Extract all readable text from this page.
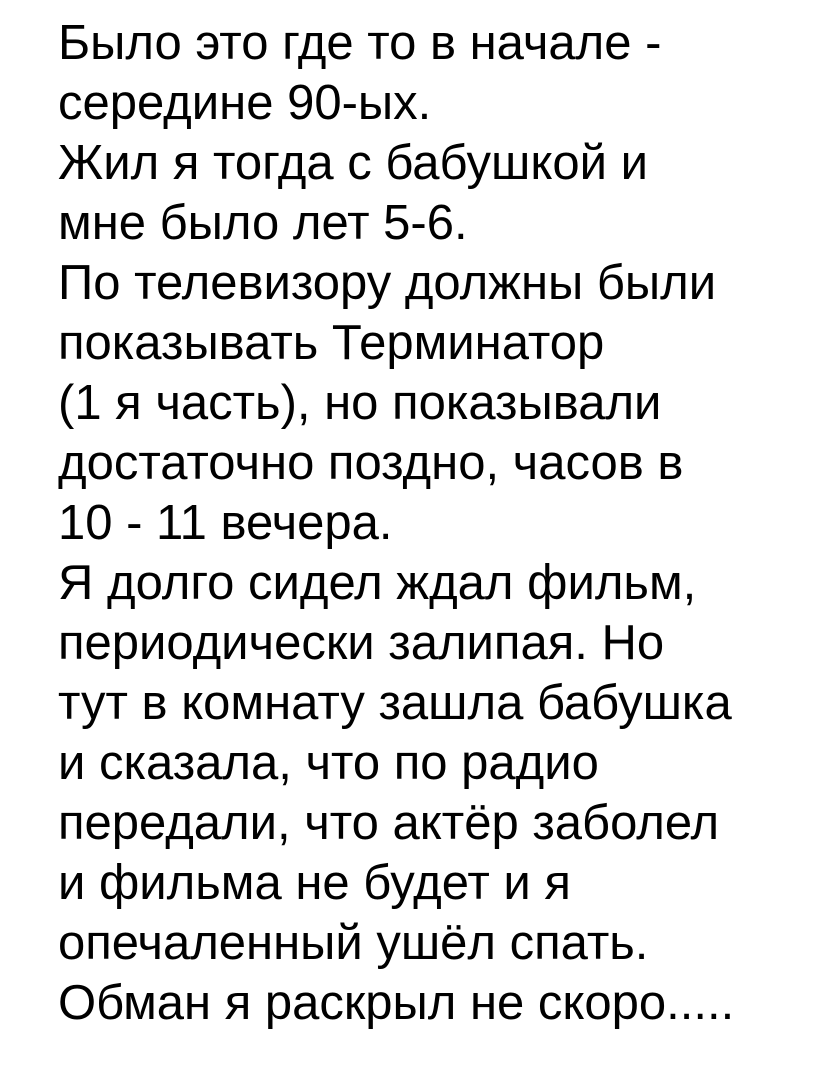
Было это где то в начале -
середине 90-ых.
Жил я тогда с бабушкой и
мне было лет 5-6.
По телевизору должны были
показывать Терминатор
(1 я часть), но показывали
достаточно поздно, часов в
10 - 11 вечера.
Я долго сидел ждал фильм,
периодически залипая. Но
тут в комнату зашла бабушка
и сказала, что по радио
передали, что актёр заболел
и фильма не будет и я
опечаленный ушёл спать.
Обман я раскрыл не скоро.....
